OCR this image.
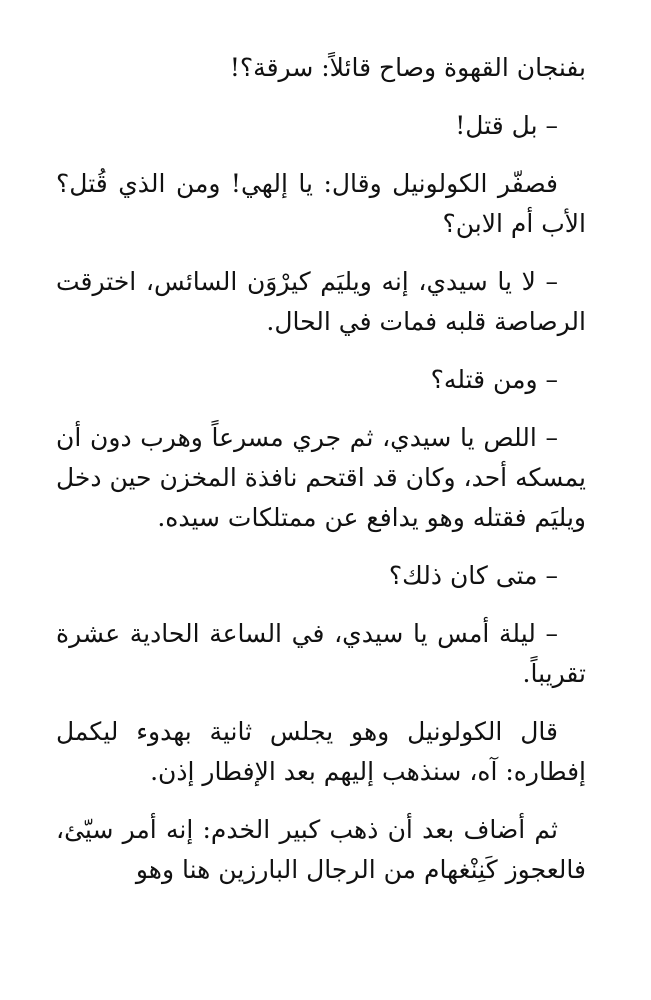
بفنجان القهوة وصاح قائلاً: سرقة؟!

– بل قتل!

فصفّر الكولونيل وقال: يا إلهي! ومن الذي قُتل؟ الأب أم الابن؟

– لا يا سيدي، إنه ويليَم كيرْوَن السائس، اخترقت الرصاصة قلبه فمات في الحال.

– ومن قتله؟

– اللص يا سيدي، ثم جري مسرعاً وهرب دون أن يمسكه أحد، وكان قد اقتحم نافذة المخزن حين دخل ويليَم فقتله وهو يدافع عن ممتلكات سيده.

– متى كان ذلك؟

– ليلة أمس يا سيدي، في الساعة الحادية عشرة تقريباً.

قال الكولونيل وهو يجلس ثانية بهدوء ليكمل إفطاره: آه، سنذهب إليهم بعد الإفطار إذن.

ثم أضاف بعد أن ذهب كبير الخدم: إنه أمر سيّئ، فالعجوز كَنِنْغهام من الرجال البارزين هنا وهو
